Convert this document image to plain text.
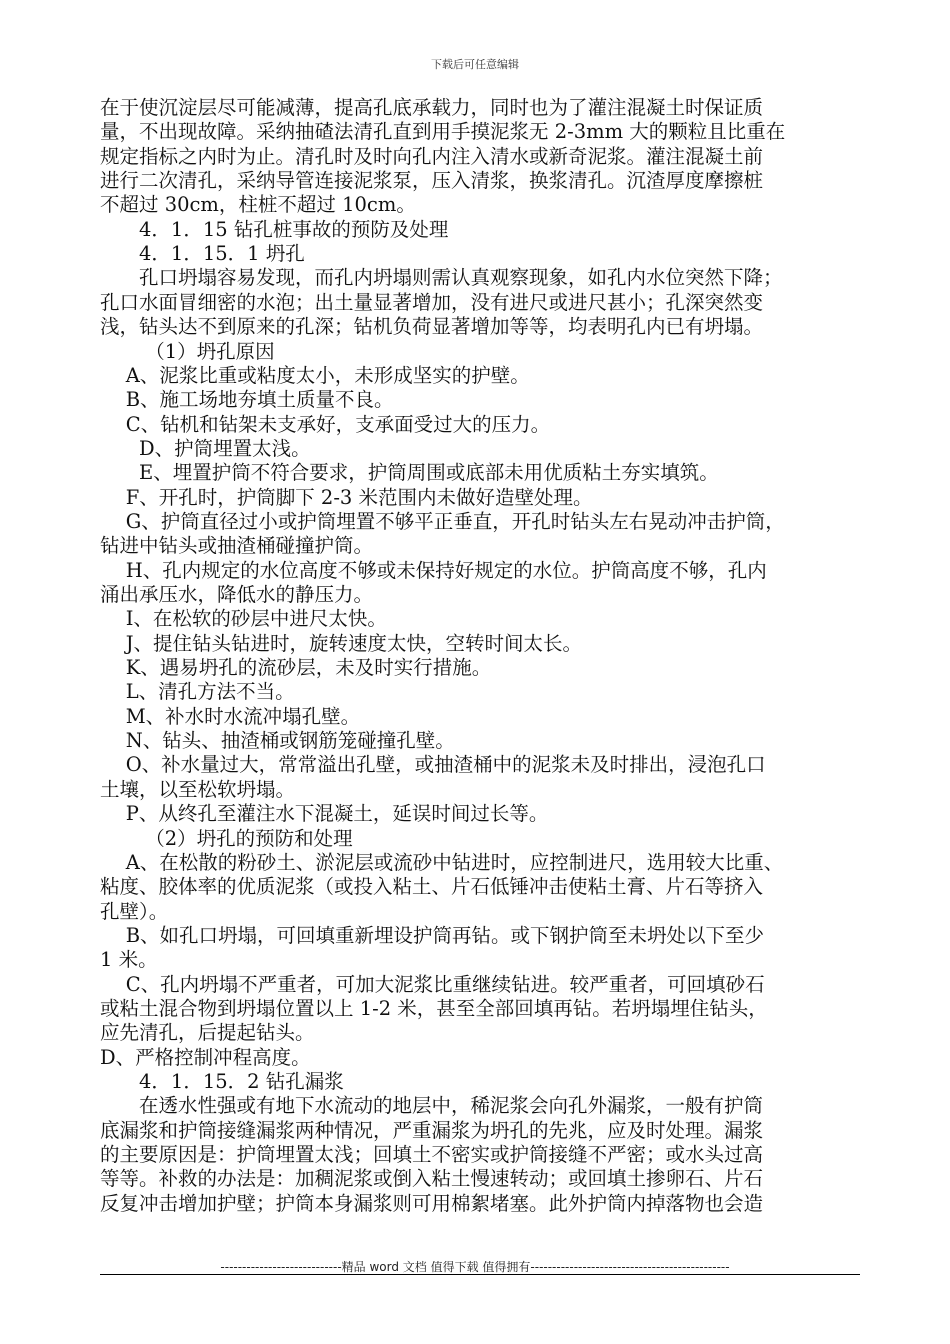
下载后可任意编辑
在于使沉淀层尽可能减薄，提高孔底承载力，同时也为了灌注混凝土时保证质
量，不出现故障。采纳抽碴法清孔直到用手摸泥浆无 2-3mm 大的颗粒且比重在
规定指标之内时为止。清孔时及时向孔内注入清水或新奇泥浆。灌注混凝土前
进行二次清孔，采纳导管连接泥浆泵，压入清浆，换浆清孔。沉渣厚度摩擦桩
不超过 30cm，柱桩不超过 10cm。
　　4．1．15 钻孔桩事故的预防及处理
　　4．1．15．1 坍孔
　　孔口坍塌容易发现，而孔内坍塌则需认真观察现象，如孔内水位突然下降；
孔口水面冒细密的水泡；出土量显著增加，没有进尺或进尺甚小；孔深突然变
浅，钻头达不到原来的孔深；钻机负荷显著增加等等，均表明孔内已有坍塌。
　　 （1）坍孔原因
　 A、泥浆比重或粘度太小，未形成坚实的护壁。
　 B、施工场地夯填土质量不良。
　 C、钻机和钻架未支承好，支承面受过大的压力。
　　D、护筒埋置太浅。
　　E、埋置护筒不符合要求，护筒周围或底部未用优质粘土夯实填筑。
　 F、开孔时，护筒脚下 2-3 米范围内未做好造壁处理。
　 G、护筒直径过小或护筒埋置不够平正垂直，开孔时钻头左右晃动冲击护筒，
钻进中钻头或抽渣桶碰撞护筒。
　 H、孔内规定的水位高度不够或未保持好规定的水位。护筒高度不够，孔内
涌出承压水，降低水的静压力。
　 I、在松软的砂层中进尺太快。
　 J、提住钻头钻进时，旋转速度太快，空转时间太长。
　 K、遇易坍孔的流砂层，未及时实行措施。
　 L、清孔方法不当。
　 M、补水时水流冲塌孔壁。
　 N、钻头、抽渣桶或钢筋笼碰撞孔壁。
　 O、补水量过大，常常溢出孔壁，或抽渣桶中的泥浆未及时排出，浸泡孔口
土壤，以至松软坍塌。
　 P、从终孔至灌注水下混凝土，延误时间过长等。
　　 （2）坍孔的预防和处理
　 A、在松散的粉砂土、淤泥层或流砂中钻进时，应控制进尺，选用较大比重、
粘度、胶体率的优质泥浆（或投入粘土、片石低锤冲击使粘土膏、片石等挤入
孔壁）。
　 B、如孔口坍塌，可回填重新埋设护筒再钻。或下钢护筒至未坍处以下至少
1 米。
　 C、孔内坍塌不严重者，可加大泥浆比重继续钻进。较严重者，可回填砂石
或粘土混合物到坍塌位置以上 1-2 米，甚至全部回填再钻。若坍塌埋住钻头，
应先清孔，后提起钻头。
D、严格控制冲程高度。
　　4．1．15．2 钻孔漏浆
　　在透水性强或有地下水流动的地层中，稀泥浆会向孔外漏浆，一般有护筒
底漏浆和护筒接缝漏浆两种情况，严重漏浆为坍孔的先兆，应及时处理。漏浆
的主要原因是：护筒埋置太浅；回填土不密实或护筒接缝不严密；或水头过高
等等。补救的办法是：加稠泥浆或倒入粘土慢速转动；或回填土掺卵石、片石
反复冲击增加护壁；护筒本身漏浆则可用棉絮堵塞。此外护筒内掉落物也会造
----------------------------精品 word 文档 值得下载 值得拥有----------------------------------------------
